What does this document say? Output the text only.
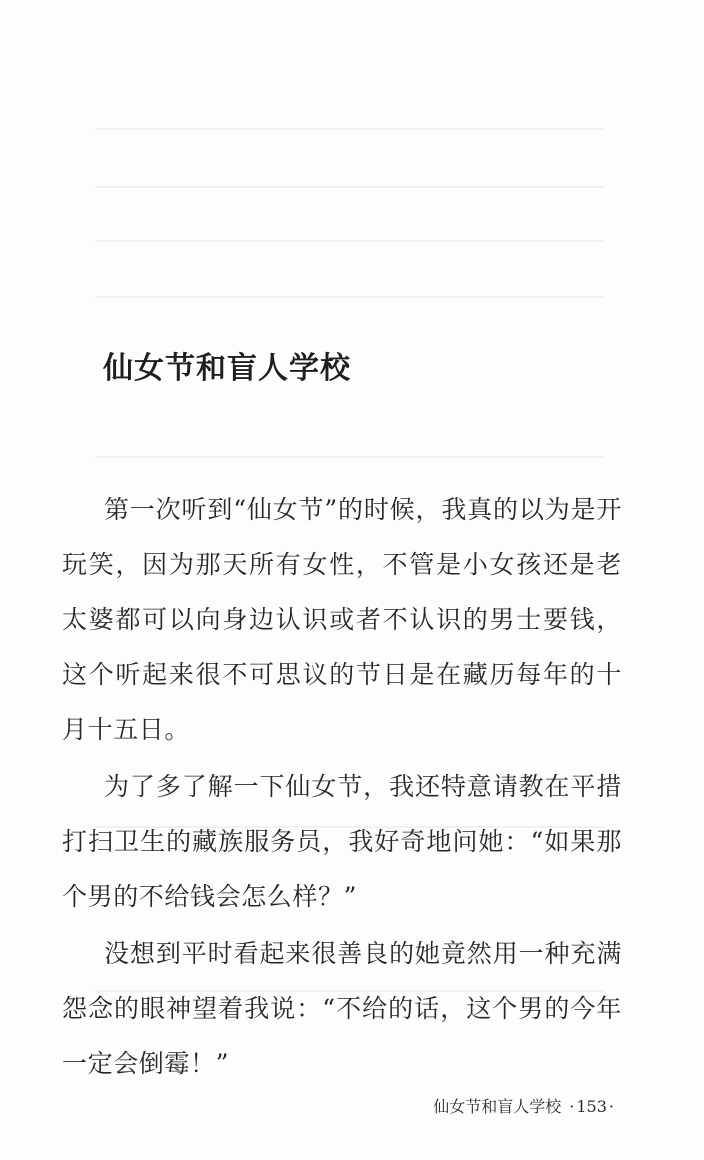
仙女节和盲人学校

第一次听到“仙女节”的时候，我真的以为是开玩笑，因为那天所有女性，不管是小女孩还是老太婆都可以向身边认识或者不认识的男士要钱，这个听起来很不可思议的节日是在藏历每年的十月十五日。

为了多了解一下仙女节，我还特意请教在平措打扫卫生的藏族服务员，我好奇地问她：“如果那个男的不给钱会怎么样？”

没想到平时看起来很善良的她竟然用一种充满怨念的眼神望着我说：“不给的话，这个男的今年一定会倒霉！”

仙女节和盲人学校 · 153 ·
